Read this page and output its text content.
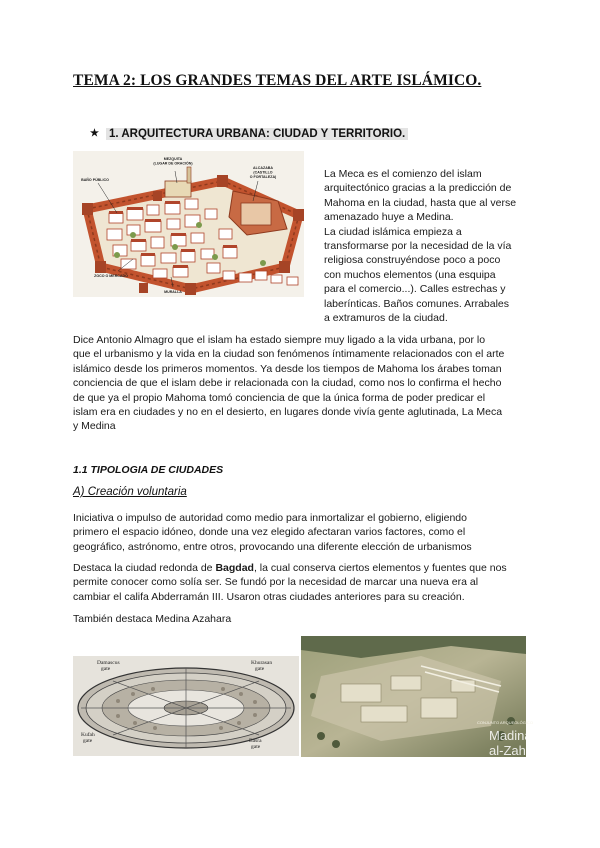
TEMA 2: LOS GRANDES TEMAS DEL ARTE ISLÁMICO.
★ 1. ARQUITECTURA URBANA: CIUDAD Y TERRITORIO.
MEZQUITA
(LUGAR DE ORACIÓN)
ALCAZABA
(CASTILLO
O FORTALEZA)
BAÑO PÚBLICO
ZOCO O MERCADO
MURALLA

La Meca es el comienzo del islam
arquitectónico gracias a la predicción de
Mahoma en la ciudad, hasta que al verse
amenazado huye a Medina.
La ciudad islámica empieza a
transformarse por la necesidad de la vía
religiosa construyéndose poco a poco
con muchos elementos (una esquipa
para el comercio...). Calles estrechas y
laberínticas. Baños comunes. Arrabales
a extramuros de la ciudad.

Dice Antonio Almagro que el islam ha estado siempre muy ligado a la vida urbana, por lo
que el urbanismo y la vida en la ciudad son fenómenos íntimamente relacionados con el arte
islámico desde los primeros momentos. Ya desde los tiempos de Mahoma los árabes toman
conciencia de que el islam debe ir relacionada con la ciudad, como nos lo confirma el hecho
de que ya el propio Mahoma tomó conciencia de que la única forma de poder predicar el
islam era en ciudades y no en el desierto, en lugares donde vivía gente aglutinada, La Meca
y Medina

1.1 TIPOLOGIA DE CIUDADES
A) Creación voluntaria

Iniciativa o impulso de autoridad como medio para inmortalizar el gobierno, eligiendo
primero el espacio idóneo, donde una vez elegido afectaran varios factores, como el
geográfico, astrónomo, entre otros, provocando una diferente elección de urbanismos

Destaca la ciudad redonda de Bagdad, la cual conserva ciertos elementos y fuentes que nos
permite conocer como solía ser. Se fundó por la necesidad de marcar una nueva era al
cambiar el califa Abderramán III. Usaron otras ciudades anteriores para su creación.

También destaca Medina Azahara

Damascus
gate
Kufah
gate	Basra
gate
Khurasan
gate
CONJUNTO ARQUEOLÓGICO
Madina
al-Zahra
